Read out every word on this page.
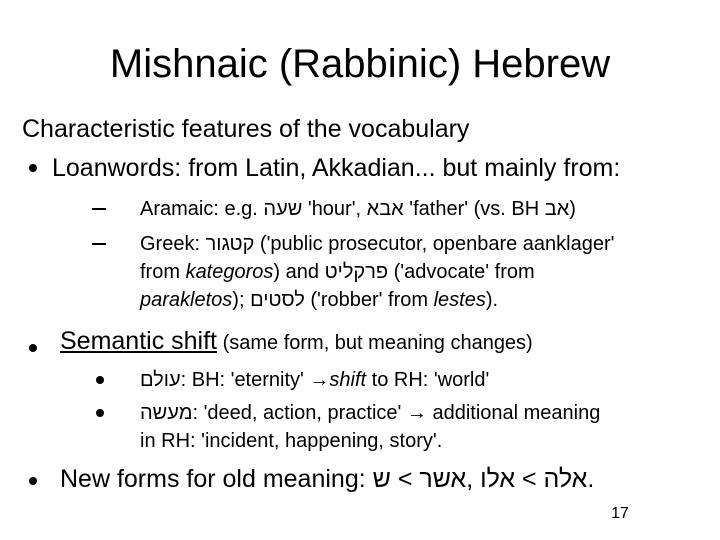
Mishnaic (Rabbinic) Hebrew
Characteristic features of the vocabulary
Loanwords: from Latin, Akkadian... but mainly from:
Aramaic: e.g. שעה 'hour', אבא 'father' (vs. BH אב)
Greek: קטגור ('public prosecutor, openbare aanklager'
from kategoros) and פרקליט ('advocate' from
parakletos); לסטים ('robber' from lestes).
Semantic shift (same form, but meaning changes)
עולם: BH: 'eternity' →shift to RH: 'world'
מעשה: 'deed, action, practice' → additional meaning
in RH: 'incident, happening, story'.
New forms for old meaning: ש < אשר, אלו < אלה.
17
